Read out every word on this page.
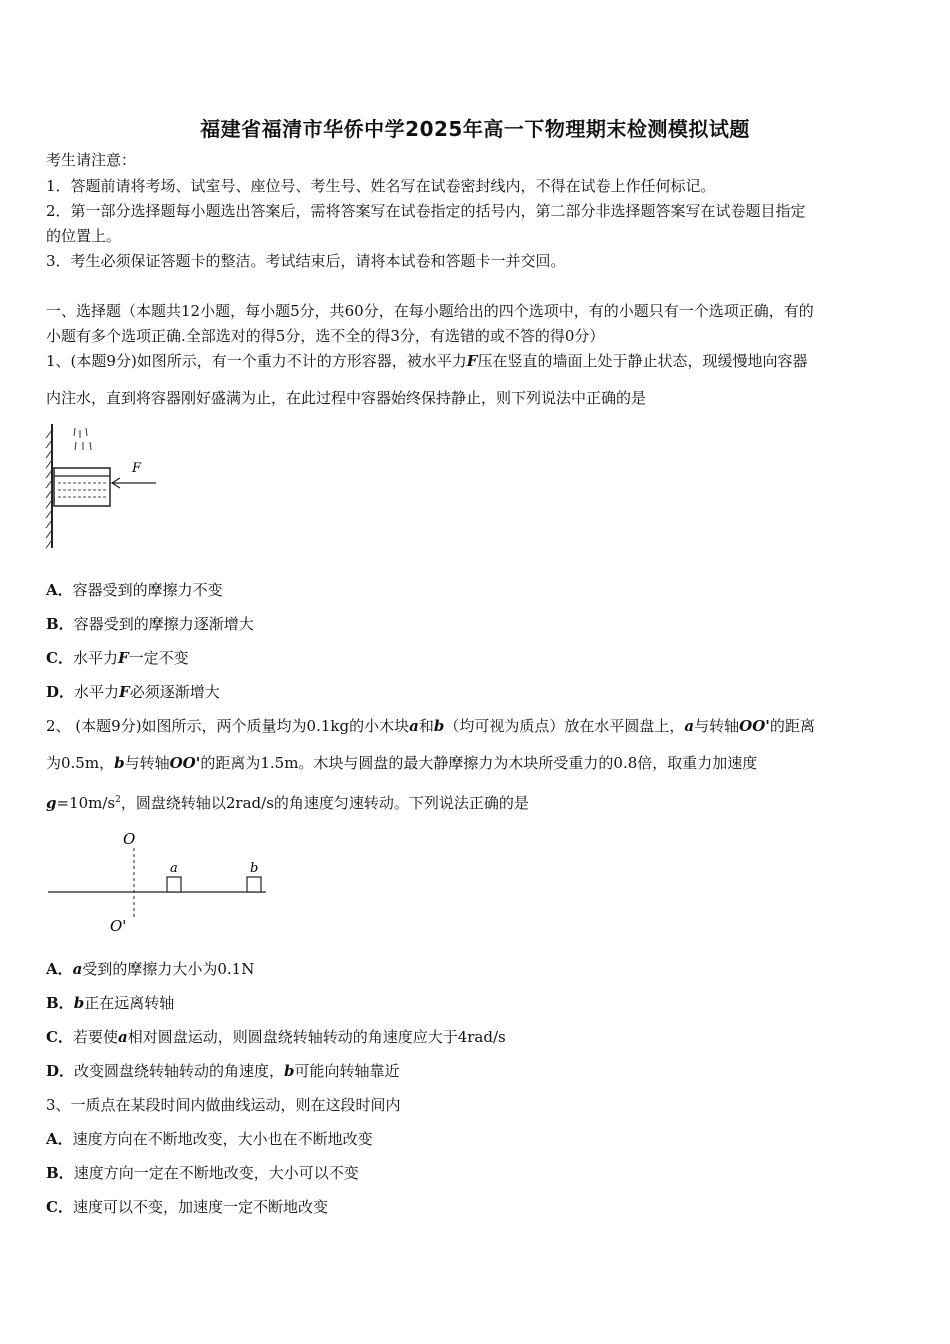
福建省福清市华侨中学2025年高一下物理期末检测模拟试题
考生请注意：
1．答题前请将考场、试室号、座位号、考生号、姓名写在试卷密封线内，不得在试卷上作任何标记。
2．第一部分选择题每小题选出答案后，需将答案写在试卷指定的括号内，第二部分非选择题答案写在试卷题目指定
的位置上。
3．考生必须保证答题卡的整洁。考试结束后，请将本试卷和答题卡一并交回。
一、选择题（本题共12小题，每小题5分，共60分，在每小题给出的四个选项中，有的小题只有一个选项正确，有的
小题有多个选项正确.全部选对的得5分，选不全的得3分，有选错的或不答的得0分）
1、(本题9分)如图所示，有一个重力不计的方形容器，被水平力F压在竖直的墙面上处于静止状态，现缓慢地向容器
内注水，直到将容器刚好盛满为止，在此过程中容器始终保持静止，则下列说法中正确的是
F
A．容器受到的摩擦力不变
B．容器受到的摩擦力逐渐增大
C．水平力F一定不变
D．水平力F必须逐渐增大
2、 (本题9分)如图所示，两个质量均为0.1kg的小木块a和b（均可视为质点）放在水平圆盘上，a与转轴OO'的距离
为0.5m，b与转轴OO'的距离为1.5m。木块与圆盘的最大静摩擦力为木块所受重力的0.8倍，取重力加速度
$g=10m/s^2$，圆盘绕转轴以2rad/s的角速度匀速转动。下列说法正确的是
O
O'
a	b
A．a受到的摩擦力大小为0.1N
B．b正在远离转轴
C．若要使a相对圆盘运动，则圆盘绕转轴转动的角速度应大于4rad/s
D．改变圆盘绕转轴转动的角速度，b可能向转轴靠近
3、一质点在某段时间内做曲线运动，则在这段时间内
A．速度方向在不断地改变，大小也在不断地改变
B．速度方向一定在不断地改变，大小可以不变
C．速度可以不变，加速度一定不断地改变
